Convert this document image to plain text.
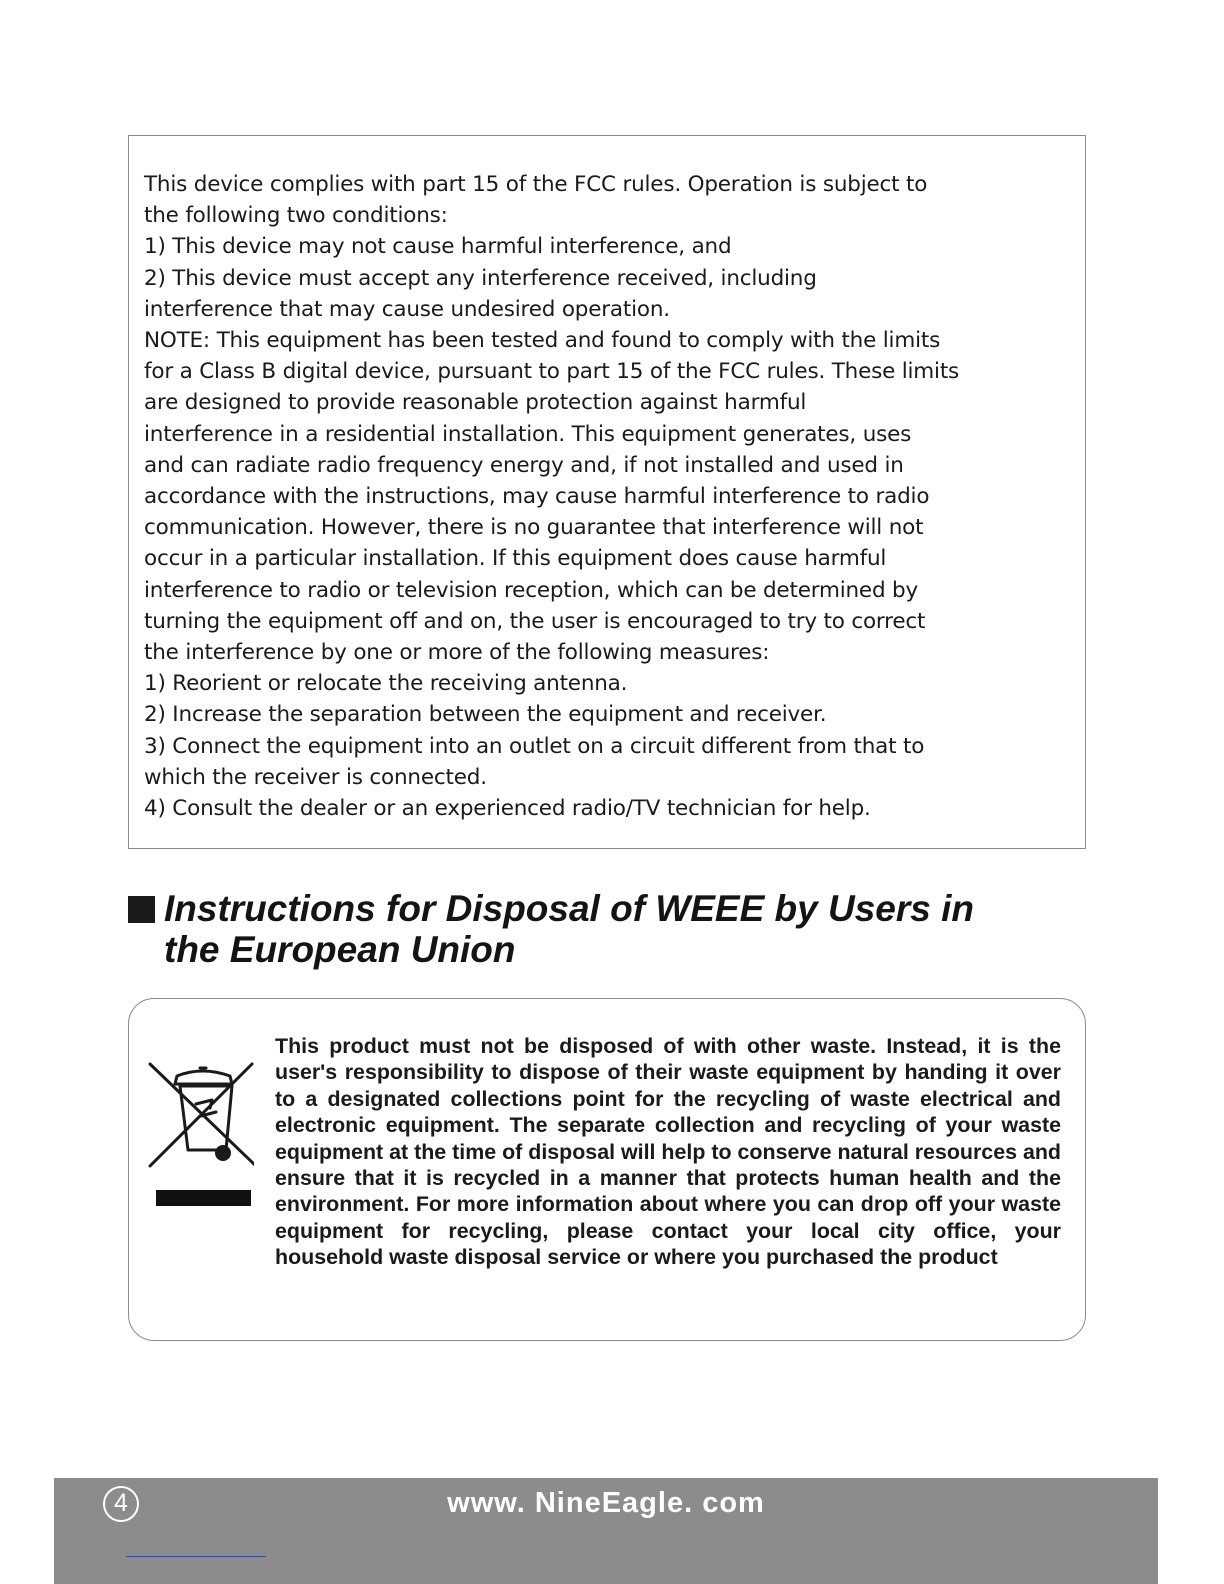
This device complies with part 15 of the FCC rules. Operation is subject to
the following two conditions:
1) This device may not cause harmful interference, and
2) This device must accept any interference received, including
interference that may cause undesired operation.
NOTE: This equipment has been tested and found to comply with the limits
for a Class B digital device, pursuant to part 15 of the FCC rules. These limits
are designed to provide reasonable protection against harmful
interference in a residential installation. This equipment generates, uses
and can radiate radio frequency energy and, if not installed and used in
accordance with the instructions, may cause harmful interference to radio
communication. However, there is no guarantee that interference will not
occur in a particular installation. If this equipment does cause harmful
interference to radio or television reception, which can be determined by
turning the equipment off and on, the user is encouraged to try to correct
the interference by one or more of the following measures:
1) Reorient or relocate the receiving antenna.
2) Increase the separation between the equipment and receiver.
3) Connect the equipment into an outlet on a circuit different from that to
which the receiver is connected.
4) Consult the dealer or an experienced radio/TV technician for help.
Instructions for Disposal of WEEE by Users in
the European Union
This product must not be disposed of with other waste. Instead, it is the user's responsibility to dispose of their waste equipment by handing it over to a designated collections point for the recycling of waste electrical and electronic equipment. The separate collection and recycling of your waste equipment at the time of disposal will help to conserve natural resources and ensure that it is recycled in a manner that protects human health and the environment. For more information about where you can drop off your waste equipment for recycling, please contact your local city office, your household waste disposal service or where you purchased the product
4	www. NineEagle. com
